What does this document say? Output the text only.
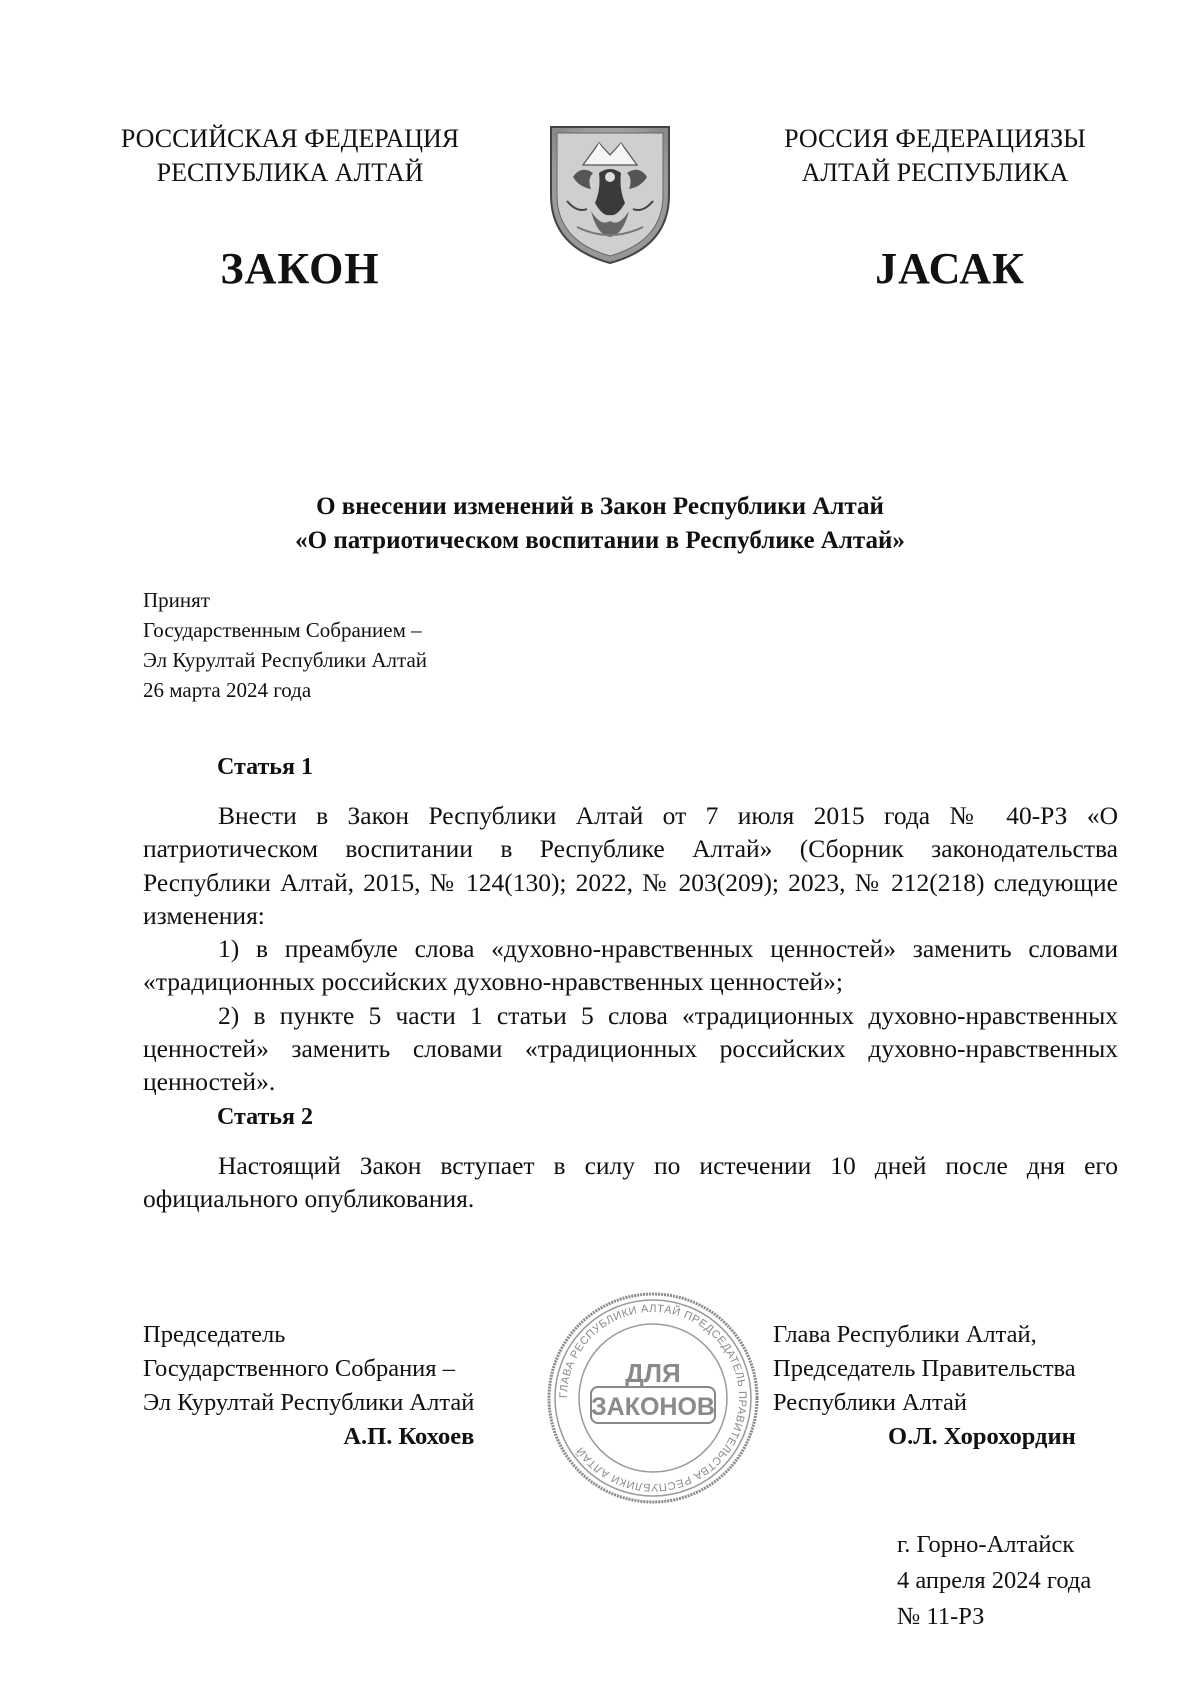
РОССИЙСКАЯ ФЕДЕРАЦИЯ
РЕСПУБЛИКА АЛТАЙ
РОССИЯ ФЕДЕРАЦИЯЗЫ
АЛТАЙ РЕСПУБЛИКА
ЗАКОН	JАСАК
О внесении изменений в Закон Республики Алтай
«О патриотическом воспитании в Республике Алтай»
Принят
Государственным Собранием –
Эл Курултай Республики Алтай
26 марта 2024 года
Статья 1

Внести в Закон Республики Алтай от 7 июля 2015 года № 40-РЗ «О патриотическом воспитании в Республике Алтай» (Сборник законодательства Республики Алтай, 2015, № 124(130); 2022, № 203(209); 2023, № 212(218) следующие изменения:

1) в преамбуле слова «духовно-нравственных ценностей» заменить словами «традиционных российских духовно-нравственных ценностей»;

2) в пункте 5 части 1 статьи 5 слова «традиционных духовно-нравственных ценностей» заменить словами «традиционных российских духовно-нравственных ценностей».

Статья 2

Настоящий Закон вступает в силу по истечении 10 дней после дня его официального опубликования.

Председатель
Государственного Собрания –
Эл Курултай Республики Алтай
А.П. Кохоев
Глава Республики Алтай,
Председатель Правительства
Республики Алтай
О.Л. Хорохордин
ГЛАВА РЕСПУБЛИКИ АЛТАЙ ПРЕДСЕДАТЕЛЬ ПРАВИТЕЛЬСТВА РЕСПУБЛИКИ АЛТАЙ
ДЛЯ
ЗАКОНОВ
г. Горно-Алтайск
4 апреля 2024 года
№ 11-РЗ
